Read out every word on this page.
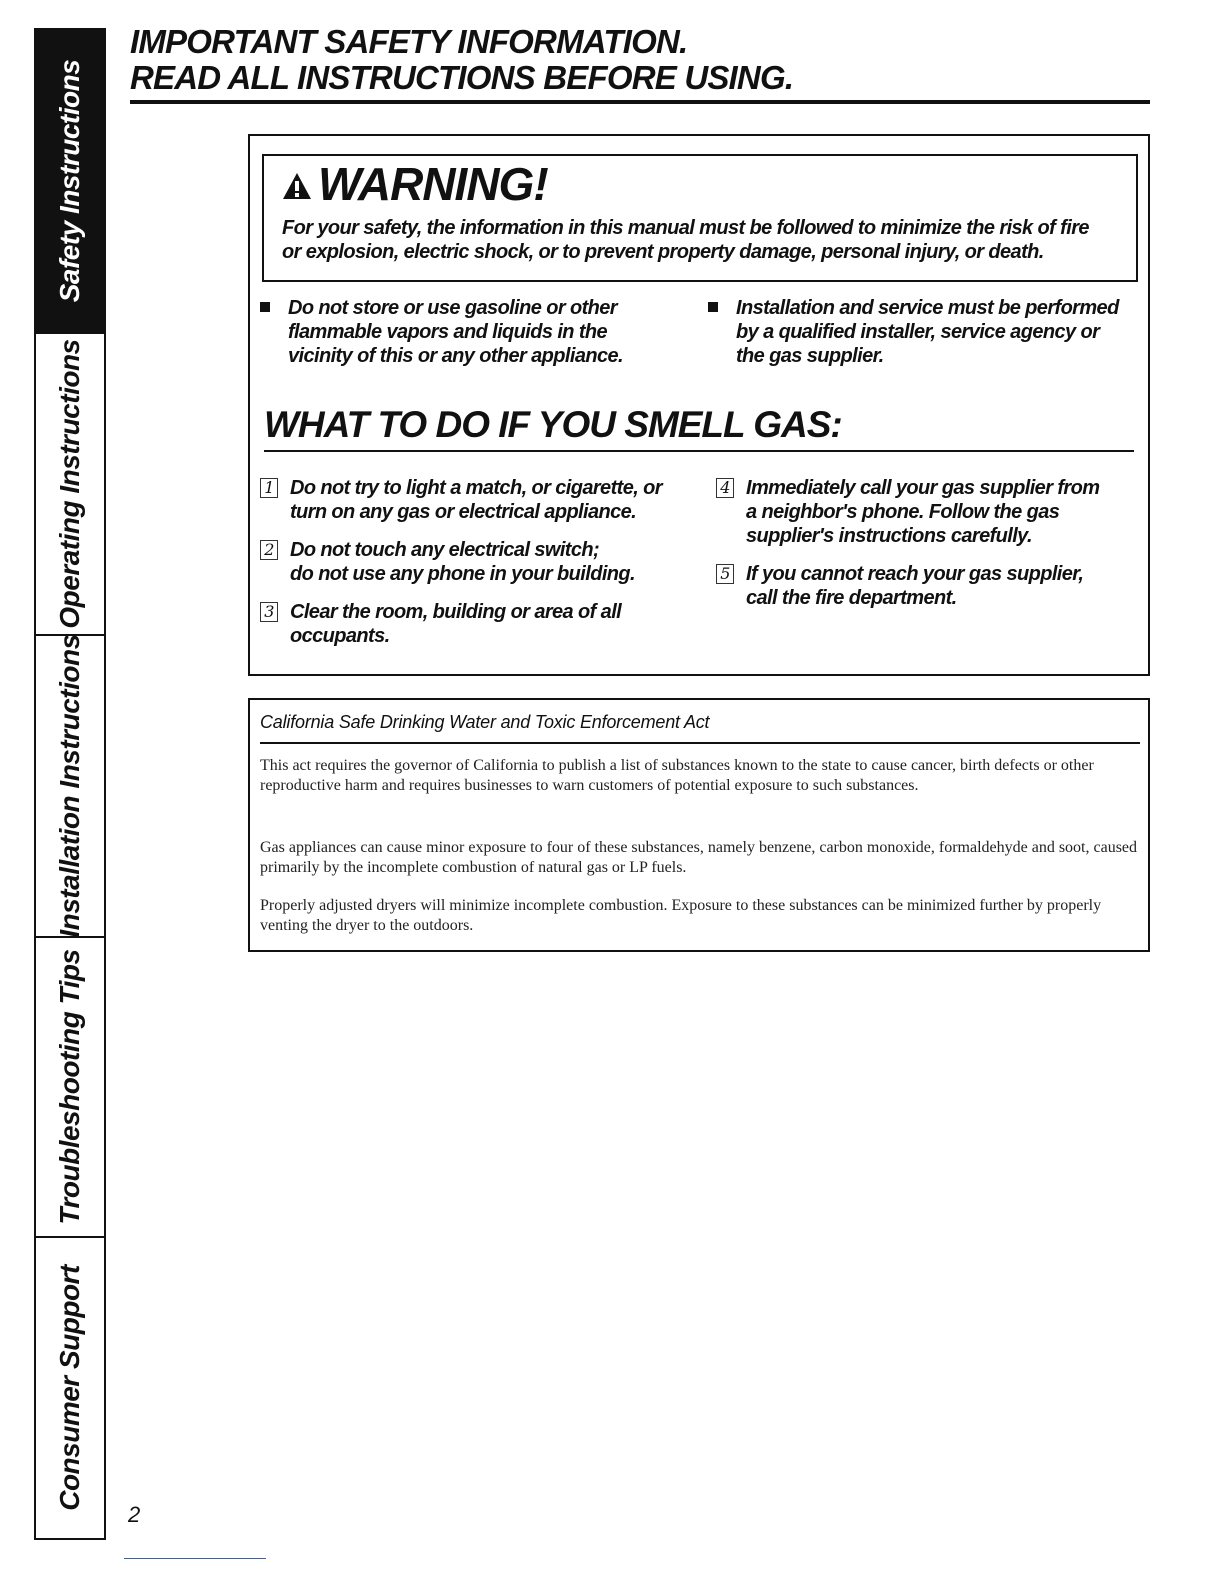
Safety Instructions
Operating Instructions
Installation Instructions
Troubleshooting Tips
Consumer Support
IMPORTANT SAFETY INFORMATION.
READ ALL INSTRUCTIONS BEFORE USING.
WARNING!
For your safety, the information in this manual must be followed to minimize the risk of fire
or explosion, electric shock, or to prevent property damage, personal injury, or death.
Do not store or use gasoline or other
flammable vapors and liquids in the
vicinity of this or any other appliance.
Installation and service must be performed
by a qualified installer, service agency or
the gas supplier.
WHAT TO DO IF YOU SMELL GAS:
1 Do not try to light a match, or cigarette, or
turn on any gas or electrical appliance.
2 Do not touch any electrical switch;
do not use any phone in your building.
3 Clear the room, building or area of all
occupants.
4 Immediately call your gas supplier from
a neighbor's phone. Follow the gas
supplier's instructions carefully.
5 If you cannot reach your gas supplier,
call the fire department.
California Safe Drinking Water and Toxic Enforcement Act
This act requires the governor of California to publish a list of substances known to the state to cause cancer, birth defects or other reproductive harm and requires businesses to warn customers of potential exposure to such substances.
Gas appliances can cause minor exposure to four of these substances, namely benzene, carbon monoxide, formaldehyde and soot, caused primarily by the incomplete combustion of natural gas or LP fuels.
Properly adjusted dryers will minimize incomplete combustion. Exposure to these substances can be minimized further by properly venting the dryer to the outdoors.
2
